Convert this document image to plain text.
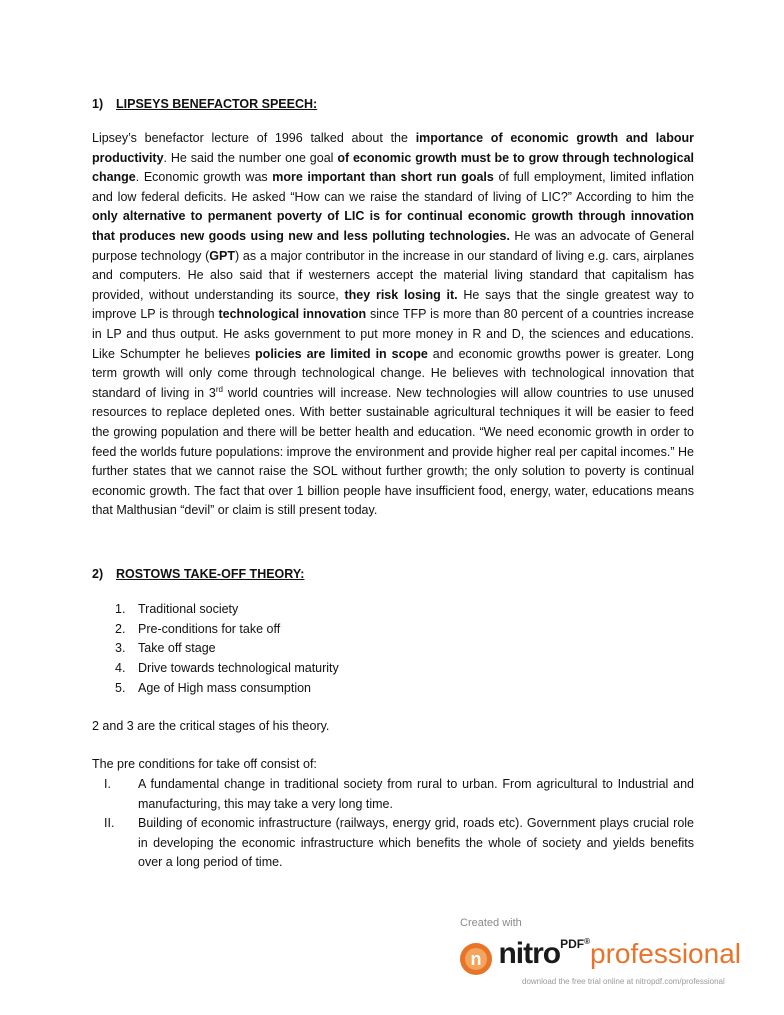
1) LIPSEYS BENEFACTOR SPEECH:

Lipsey’s benefactor lecture of 1996 talked about the importance of economic growth and labour productivity. He said the number one goal of economic growth must be to grow through technological change. Economic growth was more important than short run goals of full employment, limited inflation and low federal deficits. He asked “How can we raise the standard of living of LIC?” According to him the only alternative to permanent poverty of LIC is for continual economic growth through innovation that produces new goods using new and less polluting technologies. He was an advocate of General purpose technology (GPT) as a major contributor in the increase in our standard of living e.g. cars, airplanes and computers. He also said that if westerners accept the material living standard that capitalism has provided, without understanding its source, they risk losing it. He says that the single greatest way to improve LP is through technological innovation since TFP is more than 80 percent of a countries increase in LP and thus output. He asks government to put more money in R and D, the sciences and educations. Like Schumpter he believes policies are limited in scope and economic growths power is greater. Long term growth will only come through technological change. He believes with technological innovation that standard of living in 3rd world countries will increase. New technologies will allow countries to use unused resources to replace depleted ones. With better sustainable agricultural techniques it will be easier to feed the growing population and there will be better health and education. “We need economic growth in order to feed the worlds future populations: improve the environment and provide higher real per capital incomes.” He further states that we cannot raise the SOL without further growth; the only solution to poverty is continual economic growth. The fact that over 1 billion people have insufficient food, energy, water, educations means that Malthusian “devil” or claim is still present today.

2) ROSTOWS TAKE-OFF THEORY:
1. Traditional society
2. Pre-conditions for take off
3. Take off stage
4. Drive towards technological maturity
5. Age of High mass consumption

2 and 3 are the critical stages of his theory.

The pre conditions for take off consist of:

I. A fundamental change in traditional society from rural to urban. From agricultural to Industrial and manufacturing, this may take a very long time.
II. Building of economic infrastructure (railways, energy grid, roads etc). Government plays crucial role in developing the economic infrastructure which benefits the whole of society and yields benefits over a long period of time.
Created with
n nitro$^{PDF®}$professional
download the free trial online at nitropdf.com/professional
